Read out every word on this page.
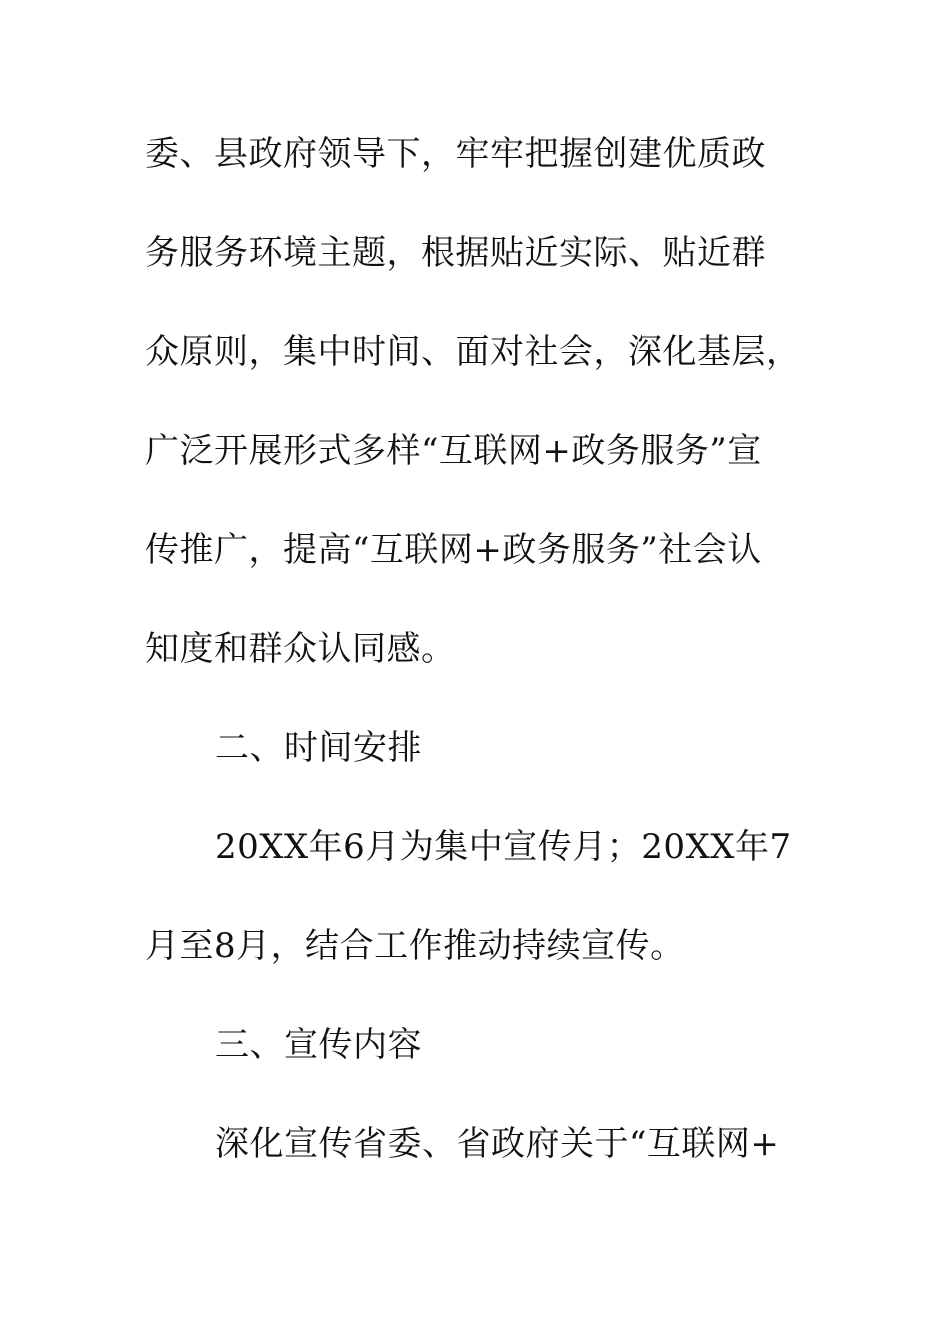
委、县政府领导下，牢牢把握创建优质政
务服务环境主题，根据贴近实际、贴近群
众原则，集中时间、面对社会，深化基层，
广泛开展形式多样“互联网+政务服务”宣
传推广，提高“互联网+政务服务”社会认
知度和群众认同感。
二、时间安排
20XX年6月为集中宣传月；20XX年7
月至8月，结合工作推动持续宣传。
三、宣传内容
深化宣传省委、省政府关于“互联网+
